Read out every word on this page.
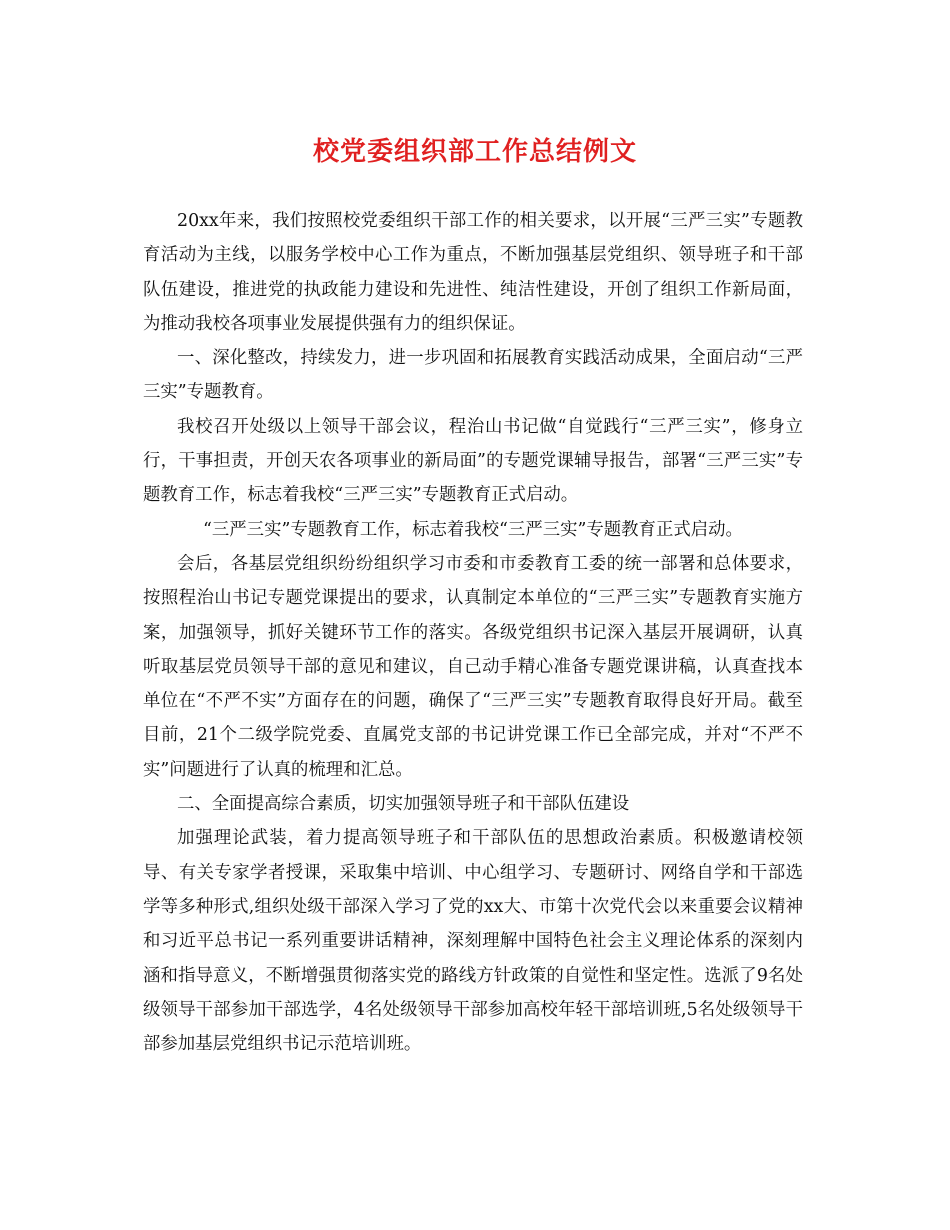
校党委组织部工作总结例文

20xx年来，我们按照校党委组织干部工作的相关要求，以开展“三严三实”专题教育活动为主线，以服务学校中心工作为重点，不断加强基层党组织、领导班子和干部队伍建设，推进党的执政能力建设和先进性、纯洁性建设，开创了组织工作新局面，为推动我校各项事业发展提供强有力的组织保证。

一、深化整改，持续发力，进一步巩固和拓展教育实践活动成果，全面启动“三严三实”专题教育。

我校召开处级以上领导干部会议，程治山书记做“自觉践行“三严三实”，修身立行，干事担责，开创天农各项事业的新局面”的专题党课辅导报告，部署“三严三实”专题教育工作，标志着我校“三严三实”专题教育正式启动。

“三严三实”专题教育工作，标志着我校“三严三实”专题教育正式启动。

会后，各基层党组织纷纷组织学习市委和市委教育工委的统一部署和总体要求，按照程治山书记专题党课提出的要求，认真制定本单位的“三严三实”专题教育实施方案，加强领导，抓好关键环节工作的落实。各级党组织书记深入基层开展调研，认真听取基层党员领导干部的意见和建议，自己动手精心准备专题党课讲稿，认真查找本单位在“不严不实”方面存在的问题，确保了“三严三实”专题教育取得良好开局。截至目前，21个二级学院党委、直属党支部的书记讲党课工作已全部完成，并对“不严不实”问题进行了认真的梳理和汇总。

二、全面提高综合素质，切实加强领导班子和干部队伍建设

加强理论武装，着力提高领导班子和干部队伍的思想政治素质。积极邀请校领导、有关专家学者授课，采取集中培训、中心组学习、专题研讨、网络自学和干部选学等多种形式,组织处级干部深入学习了党的xx大、市第十次党代会以来重要会议精神和习近平总书记一系列重要讲话精神，深刻理解中国特色社会主义理论体系的深刻内涵和指导意义，不断增强贯彻落实党的路线方针政策的自觉性和坚定性。选派了9名处级领导干部参加干部选学，4名处级领导干部参加高校年轻干部培训班,5名处级领导干部参加基层党组织书记示范培训班。
